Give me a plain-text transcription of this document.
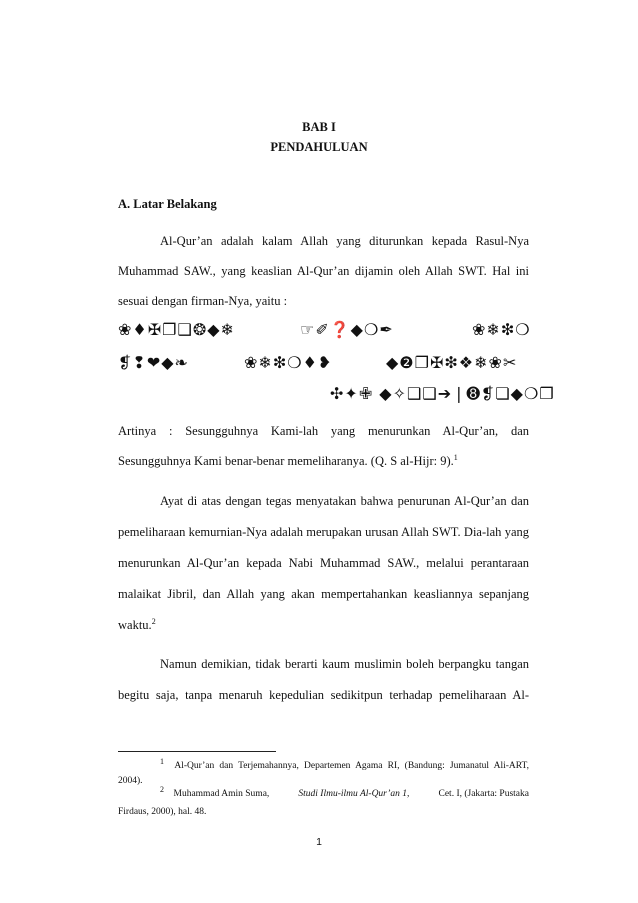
BAB I
PENDAHULUAN
A. Latar Belakang
Al-Qur’an adalah kalam Allah yang diturunkan kepada Rasul-Nya
Muhammad SAW., yang keaslian Al-Qur’an dijamin oleh Allah SWT. Hal ini
sesuai dengan firman-Nya, yaitu :
❀♦✠❐❑❂◆❄	☞✐❓◆❍✒	❀❄❇❍
❡❢❤◆❧	❀❄❇❍♦❥	◆❷❐✠❇❖❄❀✂
✣✦✙ ◆✧❑❑➔❘➑❡❏◆❍❒
Artinya : Sesungguhnya Kami-lah yang menurunkan Al-Qur’an, dan
Sesungguhnya Kami benar-benar memeliharanya. (Q. S al-Hijr: 9).$^1$
Ayat di atas dengan tegas menyatakan bahwa penurunan Al-Qur’an dan
pemeliharaan kemurnian-Nya adalah merupakan urusan Allah SWT. Dia-lah yang
menurunkan Al-Qur’an kepada Nabi Muhammad SAW., melalui perantaraan
malaikat Jibril, dan Allah yang akan mempertahankan keasliannya sepanjang
waktu.$^2$
Namun demikian, tidak berarti kaum muslimin boleh berpangku tangan
begitu saja, tanpa menaruh kepedulian sedikitpun terhadap pemeliharaan Al-
$^1$ Al-Qur’an dan Terjemahannya, Departemen Agama RI, (Bandung: Jumanatul Ali-ART,
2004).
$^2$ Muhammad Amin Suma,	Studi Ilmu-ilmu Al-Qur’an 1,	Cet. I, (Jakarta: Pustaka
Firdaus, 2000), hal. 48.
1
